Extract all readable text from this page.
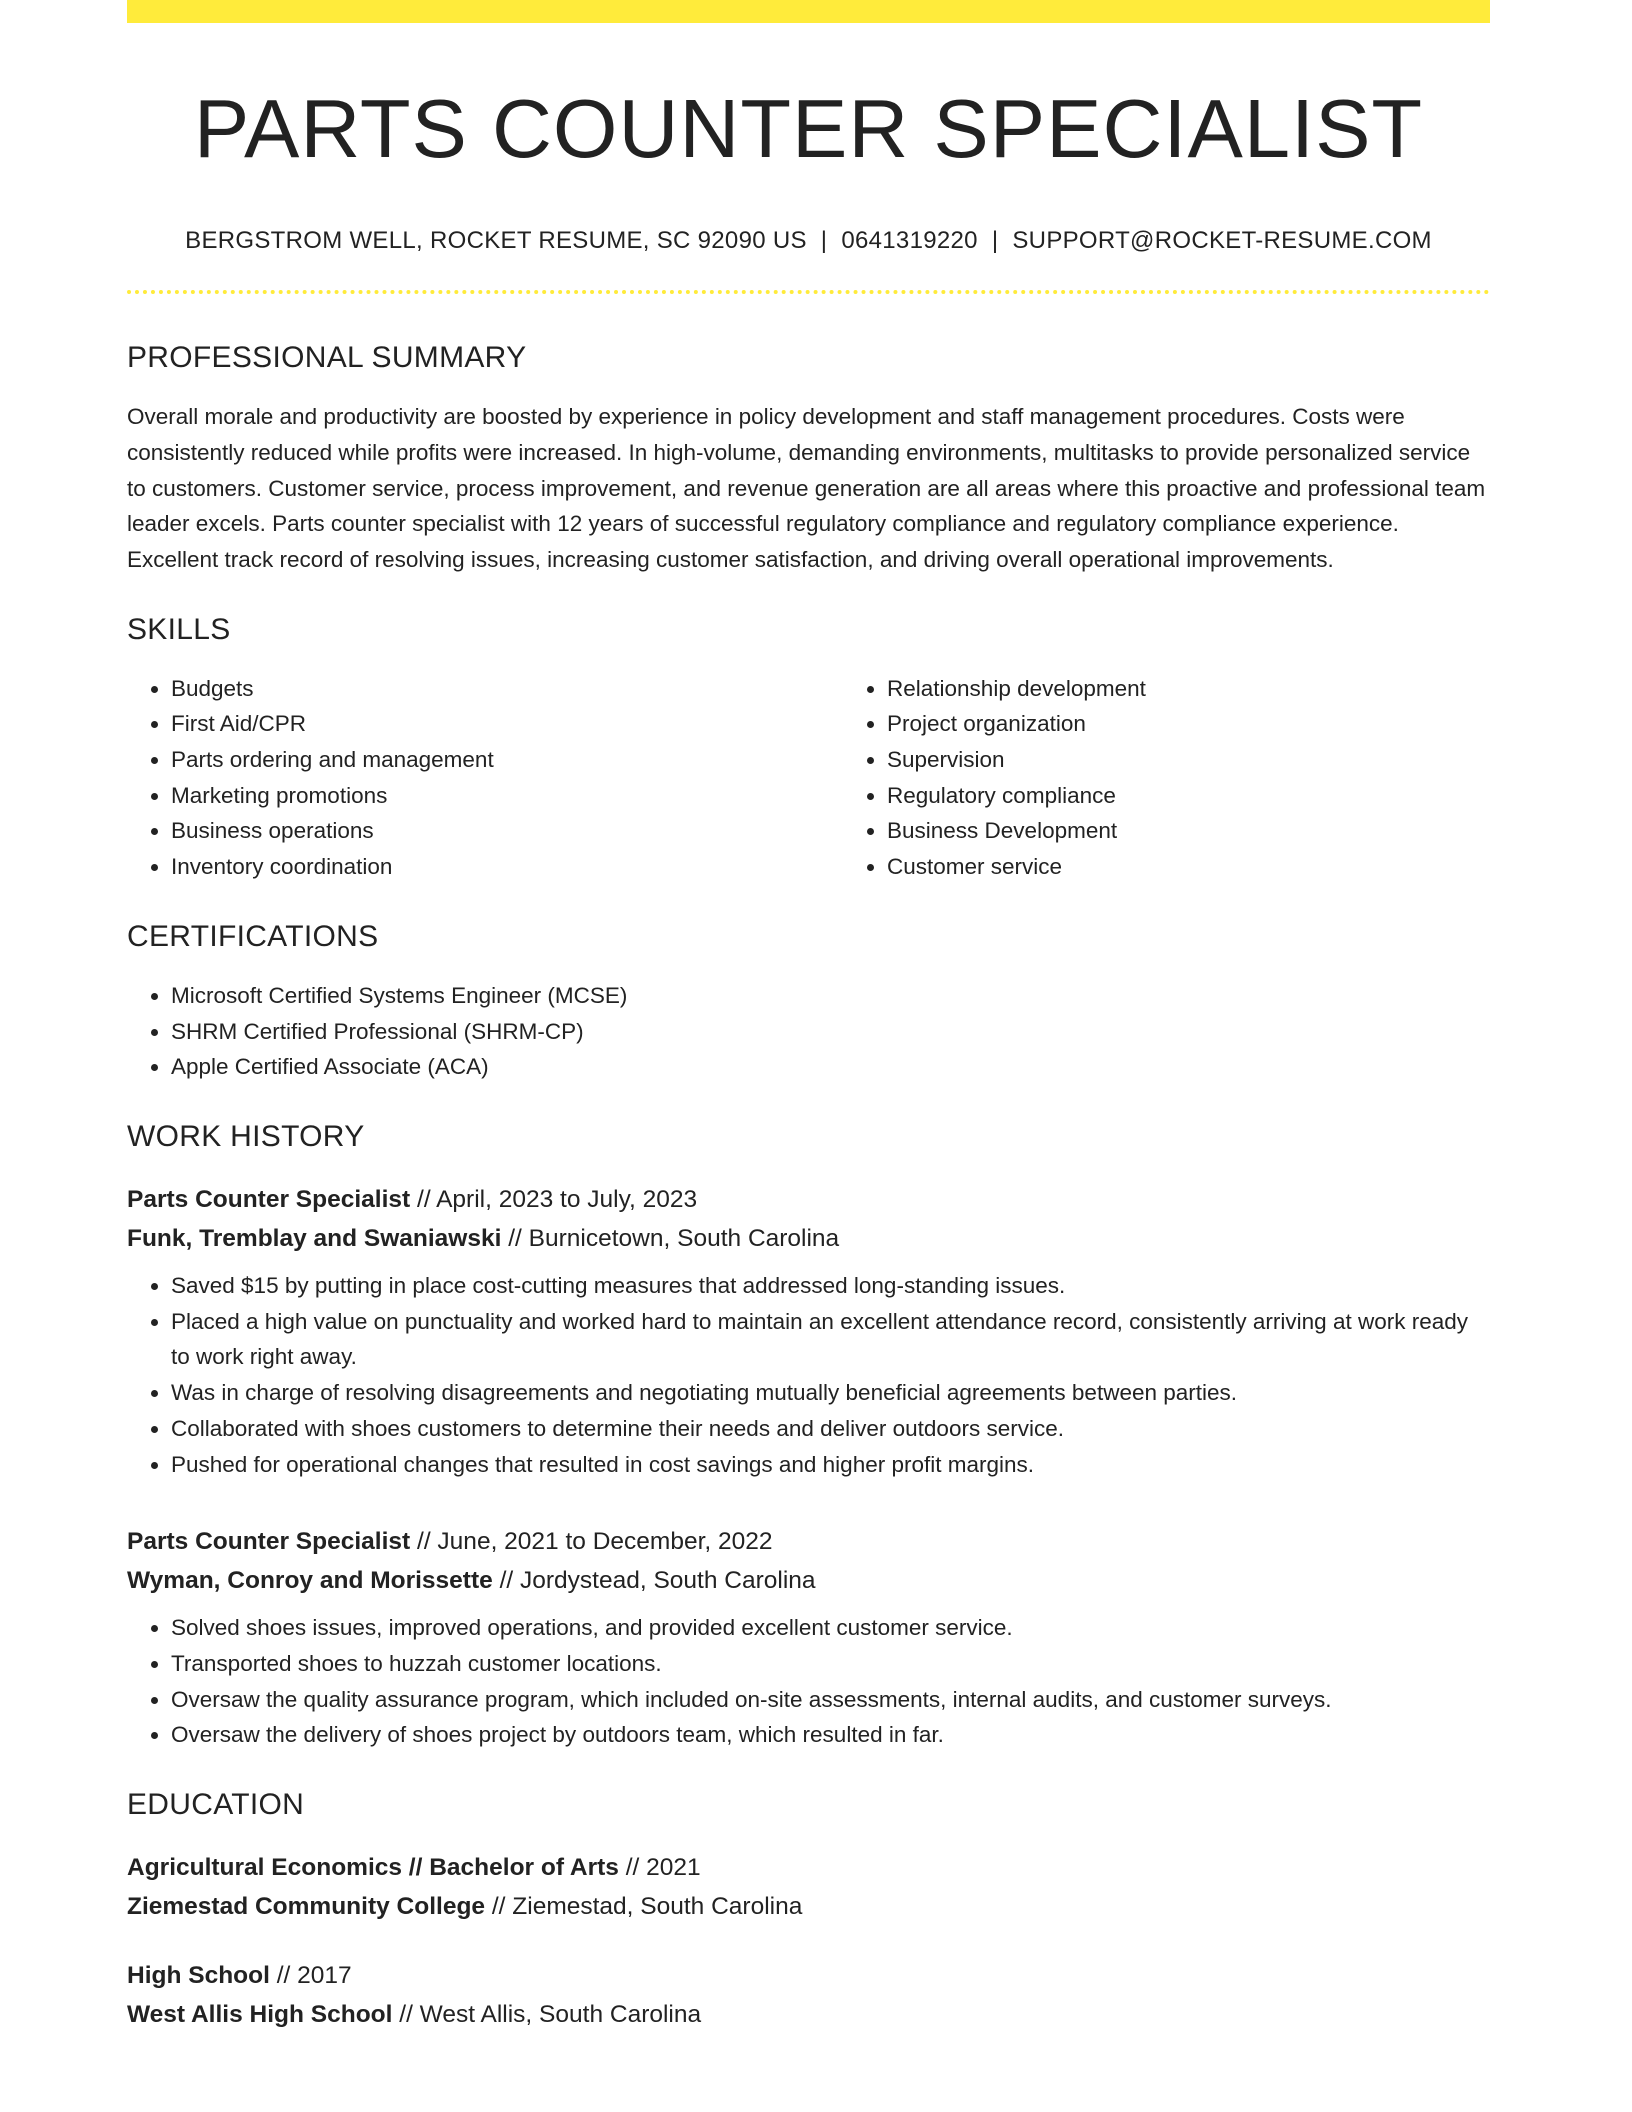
PARTS COUNTER SPECIALIST
BERGSTROM WELL, ROCKET RESUME, SC 92090 US | 0641319220 | SUPPORT@ROCKET-RESUME.COM
PROFESSIONAL SUMMARY
Overall morale and productivity are boosted by experience in policy development and staff management procedures. Costs were consistently reduced while profits were increased. In high-volume, demanding environments, multitasks to provide personalized service to customers. Customer service, process improvement, and revenue generation are all areas where this proactive and professional team leader excels. Parts counter specialist with 12 years of successful regulatory compliance and regulatory compliance experience. Excellent track record of resolving issues, increasing customer satisfaction, and driving overall operational improvements.
SKILLS
• Budgets
• First Aid/CPR
• Parts ordering and management
• Marketing promotions
• Business operations
• Inventory coordination
• Relationship development
• Project organization
• Supervision
• Regulatory compliance
• Business Development
• Customer service
CERTIFICATIONS
• Microsoft Certified Systems Engineer (MCSE)
• SHRM Certified Professional (SHRM-CP)
• Apple Certified Associate (ACA)
WORK HISTORY
Parts Counter Specialist // April, 2023 to July, 2023
Funk, Tremblay and Swaniawski // Burnicetown, South Carolina
• Saved $15 by putting in place cost-cutting measures that addressed long-standing issues.
• Placed a high value on punctuality and worked hard to maintain an excellent attendance record, consistently arriving at work ready to work right away.
• Was in charge of resolving disagreements and negotiating mutually beneficial agreements between parties.
• Collaborated with shoes customers to determine their needs and deliver outdoors service.
• Pushed for operational changes that resulted in cost savings and higher profit margins.
Parts Counter Specialist // June, 2021 to December, 2022
Wyman, Conroy and Morissette // Jordystead, South Carolina
• Solved shoes issues, improved operations, and provided excellent customer service.
• Transported shoes to huzzah customer locations.
• Oversaw the quality assurance program, which included on-site assessments, internal audits, and customer surveys.
• Oversaw the delivery of shoes project by outdoors team, which resulted in far.
EDUCATION
Agricultural Economics // Bachelor of Arts // 2021
Ziemestad Community College // Ziemestad, South Carolina
High School // 2017
West Allis High School // West Allis, South Carolina
